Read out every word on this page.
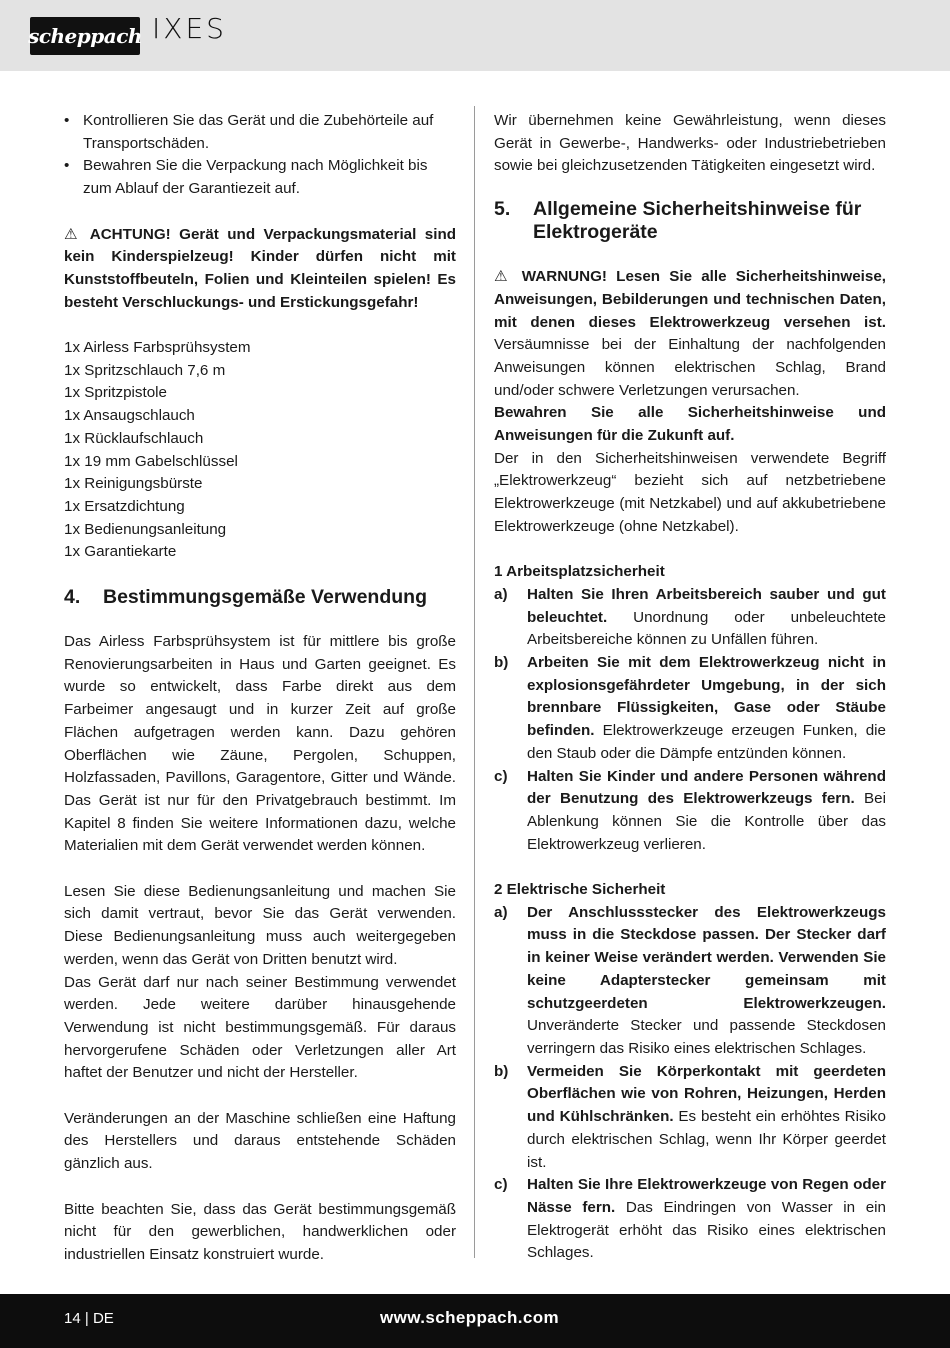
scheppach IXES
• Kontrollieren Sie das Gerät und die Zubehörteile auf Transportschäden.
• Bewahren Sie die Verpackung nach Möglichkeit bis zum Ablauf der Garantiezeit auf.

⚠ ACHTUNG! Gerät und Verpackungsmaterial sind kein Kinderspielzeug! Kinder dürfen nicht mit Kunststoffbeuteln, Folien und Kleinteilen spielen! Es besteht Verschluckungs- und Erstickungsgefahr!

1x Airless Farbsprühsystem
1x Spritzschlauch 7,6 m
1x Spritzpistole
1x Ansaugschlauch
1x Rücklaufschlauch
1x 19 mm Gabelschlüssel
1x Reinigungsbürste
1x Ersatzdichtung
1x Bedienungsanleitung
1x Garantiekarte
4.	Bestimmungsgemäße Verwendung

Das Airless Farbsprühsystem ist für mittlere bis große Renovierungsarbeiten in Haus und Garten geeignet. Es wurde so entwickelt, dass Farbe direkt aus dem Farbeimer angesaugt und in kurzer Zeit auf große Flächen aufgetragen werden kann. Dazu gehören Oberflächen wie Zäune, Pergolen, Schuppen, Holzfassaden, Pavillons, Garagentore, Gitter und Wände. Das Gerät ist nur für den Privatgebrauch bestimmt. Im Kapitel 8 finden Sie weitere Informationen dazu, welche Materialien mit dem Gerät verwendet werden können.

Lesen Sie diese Bedienungsanleitung und machen Sie sich damit vertraut, bevor Sie das Gerät verwenden. Diese Bedienungsanleitung muss auch weitergegeben werden, wenn das Gerät von Dritten benutzt wird.

Das Gerät darf nur nach seiner Bestimmung verwendet werden. Jede weitere darüber hinausgehende Verwendung ist nicht bestimmungsgemäß. Für daraus hervorgerufene Schäden oder Verletzungen aller Art haftet der Benutzer und nicht der Hersteller.

Veränderungen an der Maschine schließen eine Haftung des Herstellers und daraus entstehende Schäden gänzlich aus.

Bitte beachten Sie, dass das Gerät bestimmungsgemäß nicht für den gewerblichen, handwerklichen oder industriellen Einsatz konstruiert wurde.

Wir übernehmen keine Gewährleistung, wenn dieses Gerät in Gewerbe-, Handwerks- oder Industriebetrieben sowie bei gleichzusetzenden Tätigkeiten eingesetzt wird.

5.	Allgemeine Sicherheitshinweise für Elektrogeräte

⚠ WARNUNG! Lesen Sie alle Sicherheitshinweise, Anweisungen, Bebilderungen und technischen Daten, mit denen dieses Elektrowerkzeug versehen ist. Versäumnisse bei der Einhaltung der nachfolgenden Anweisungen können elektrischen Schlag, Brand und/oder schwere Verletzungen verursachen.

Bewahren Sie alle Sicherheitshinweise und Anweisungen für die Zukunft auf.

Der in den Sicherheitshinweisen verwendete Begriff „Elektrowerkzeug“ bezieht sich auf netzbetriebene Elektrowerkzeuge (mit Netzkabel) und auf akkubetriebene Elektrowerkzeuge (ohne Netzkabel).

1 Arbeitsplatzsicherheit
a)	Halten Sie Ihren Arbeitsbereich sauber und gut beleuchtet. Unordnung oder unbeleuchtete Arbeitsbereiche können zu Unfällen führen.
b)	Arbeiten Sie mit dem Elektrowerkzeug nicht in explosionsgefährdeter Umgebung, in der sich brennbare Flüssigkeiten, Gase oder Stäube befinden. Elektrowerkzeuge erzeugen Funken, die den Staub oder die Dämpfe entzünden können.
c)	Halten Sie Kinder und andere Personen während der Benutzung des Elektrowerkzeugs fern. Bei Ablenkung können Sie die Kontrolle über das Elektrowerkzeug verlieren.
2 Elektrische Sicherheit
a)	Der Anschlussstecker des Elektrowerkzeugs muss in die Steckdose passen. Der Stecker darf in keiner Weise verändert werden. Verwenden Sie keine Adapterstecker gemeinsam mit schutzgeerdeten Elektrowerkzeugen. Unveränderte Stecker und passende Steckdosen verringern das Risiko eines elektrischen Schlages.
b)	Vermeiden Sie Körperkontakt mit geerdeten Oberflächen wie von Rohren, Heizungen, Herden und Kühlschränken. Es besteht ein erhöhtes Risiko durch elektrischen Schlag, wenn Ihr Körper geerdet ist.
c)	Halten Sie Ihre Elektrowerkzeuge von Regen oder Nässe fern. Das Eindringen von Wasser in ein Elektrogerät erhöht das Risiko eines elektrischen Schlages.
14 | DE	www.scheppach.com
